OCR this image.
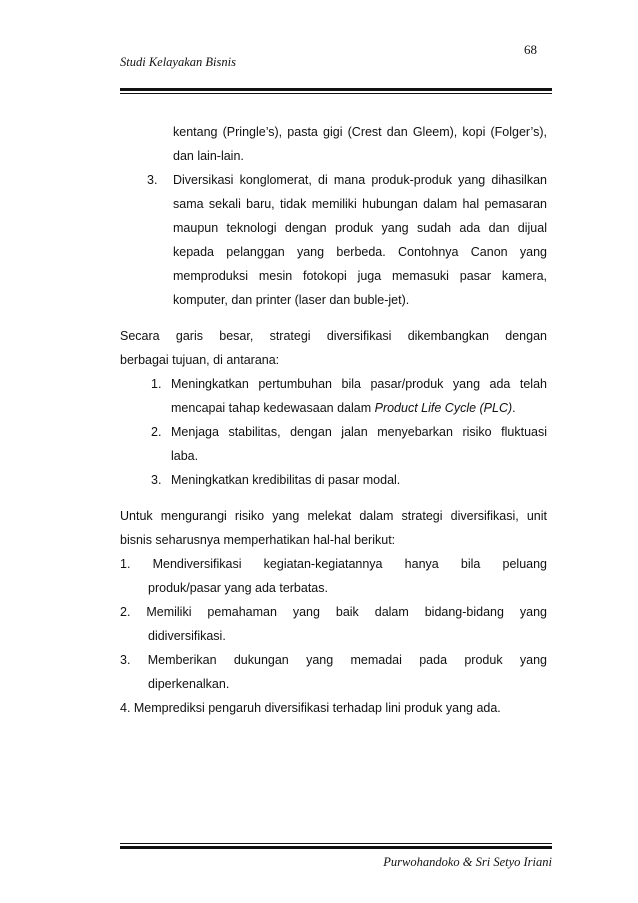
68
Studi Kelayakan Bisnis
kentang (Pringle’s), pasta gigi (Crest dan Gleem), kopi (Folger’s),
dan lain-lain.
3. Diversikasi konglomerat, di mana produk-produk yang dihasilkan
sama sekali baru, tidak memiliki hubungan dalam hal pemasaran
maupun teknologi dengan produk yang sudah ada dan dijual
kepada pelanggan yang berbeda. Contohnya Canon yang
memproduksi mesin fotokopi juga memasuki pasar kamera,
komputer, dan printer (laser dan buble-jet).
Secara garis besar, strategi diversifikasi dikembangkan dengan
berbagai tujuan, di antarana:
1. Meningkatkan pertumbuhan bila pasar/produk yang ada telah
mencapai tahap kedewasaan dalam Product Life Cycle (PLC).
2. Menjaga stabilitas, dengan jalan menyebarkan risiko fluktuasi
laba.
3. Meningkatkan kredibilitas di pasar modal.
Untuk mengurangi risiko yang melekat dalam strategi diversifikasi, unit
bisnis seharusnya memperhatikan hal-hal berikut:
1. Mendiversifikasi kegiatan-kegiatannya hanya bila peluang
produk/pasar yang ada terbatas.
2. Memiliki pemahaman yang baik dalam bidang-bidang yang
didiversifikasi.
3. Memberikan dukungan yang memadai pada produk yang
diperkenalkan.
4. Memprediksi pengaruh diversifikasi terhadap lini produk yang ada.
Purwohandoko & Sri Setyo Iriani
